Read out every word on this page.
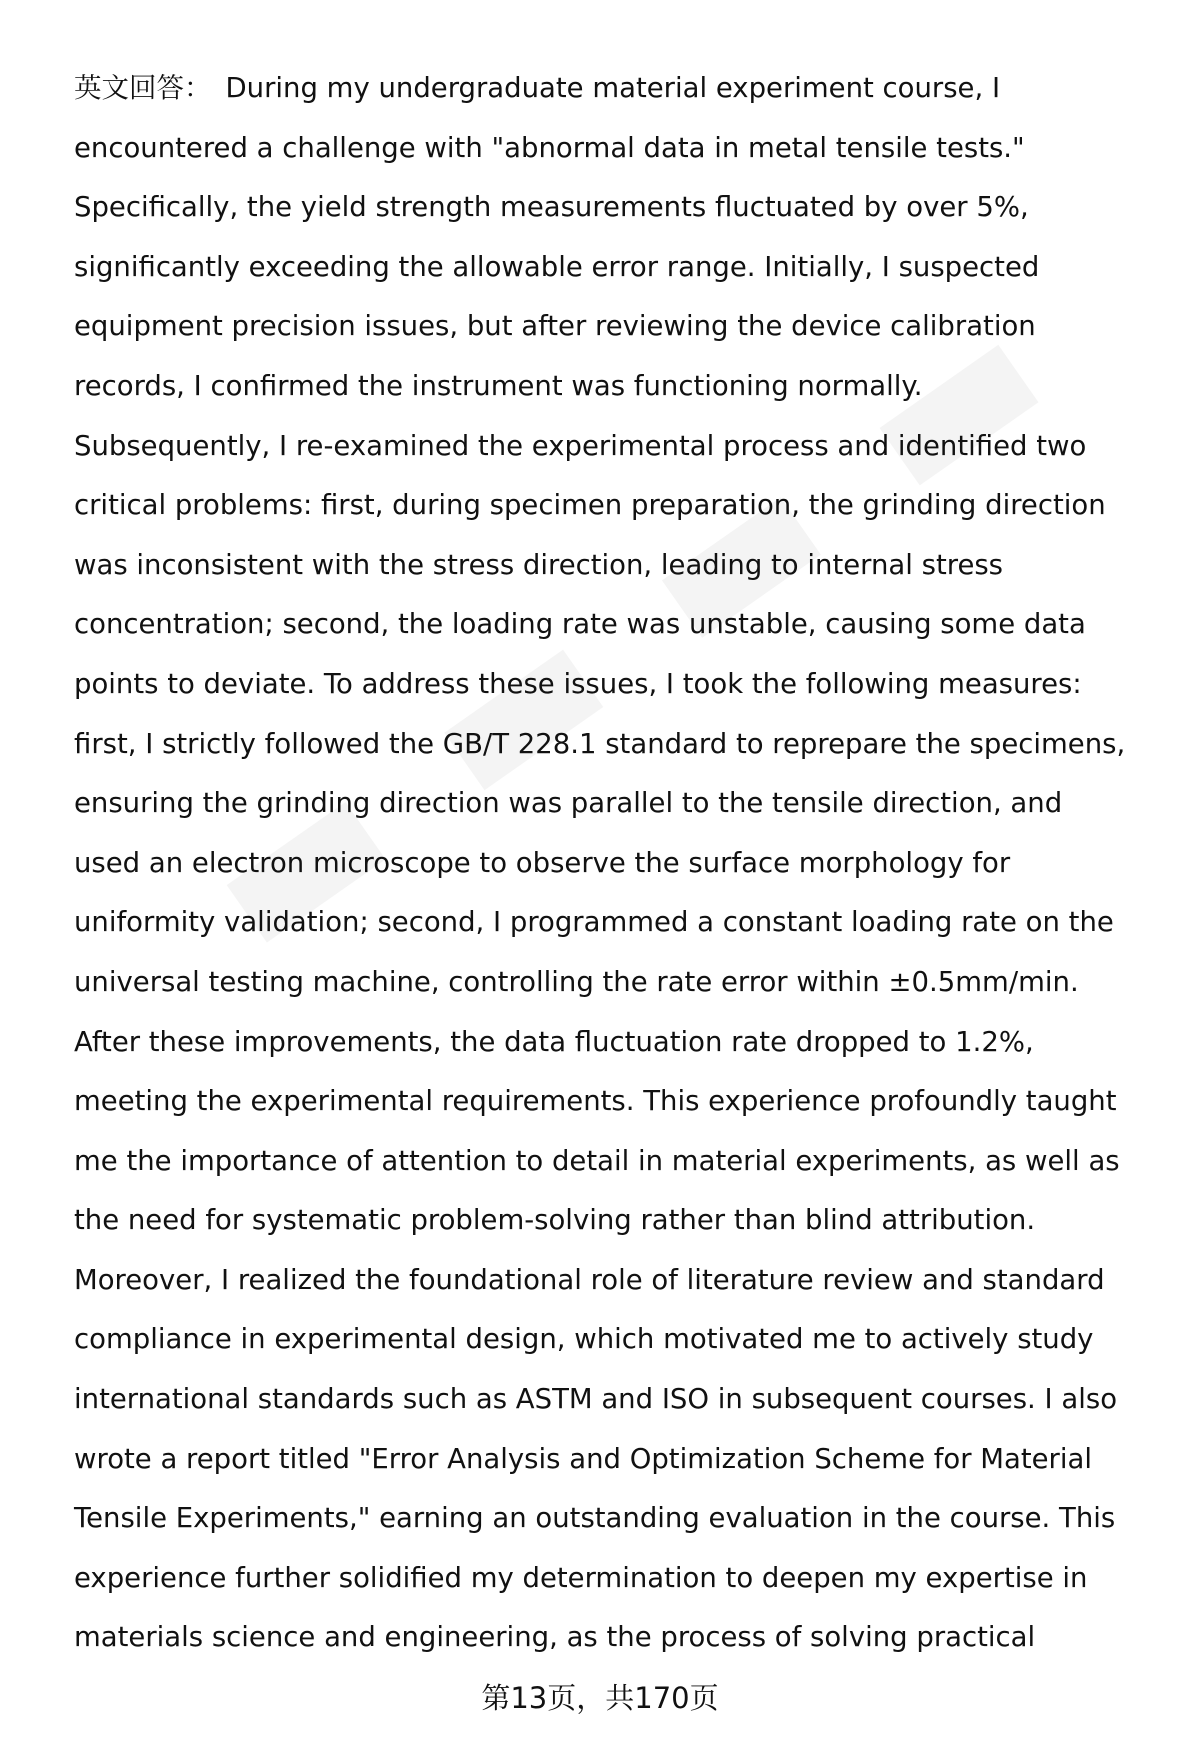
英文回答： During my undergraduate material experiment course, I
encountered a challenge with "abnormal data in metal tensile tests."
Specifically, the yield strength measurements fluctuated by over 5%,
significantly exceeding the allowable error range. Initially, I suspected
equipment precision issues, but after reviewing the device calibration
records, I confirmed the instrument was functioning normally.
Subsequently, I re-examined the experimental process and identified two
critical problems: first, during specimen preparation, the grinding direction
was inconsistent with the stress direction, leading to internal stress
concentration; second, the loading rate was unstable, causing some data
points to deviate. To address these issues, I took the following measures:
first, I strictly followed the GB/T 228.1 standard to reprepare the specimens,
ensuring the grinding direction was parallel to the tensile direction, and
used an electron microscope to observe the surface morphology for
uniformity validation; second, I programmed a constant loading rate on the
universal testing machine, controlling the rate error within ±0.5mm/min.
After these improvements, the data fluctuation rate dropped to 1.2%,
meeting the experimental requirements. This experience profoundly taught
me the importance of attention to detail in material experiments, as well as
the need for systematic problem-solving rather than blind attribution.
Moreover, I realized the foundational role of literature review and standard
compliance in experimental design, which motivated me to actively study
international standards such as ASTM and ISO in subsequent courses. I also
wrote a report titled "Error Analysis and Optimization Scheme for Material
Tensile Experiments," earning an outstanding evaluation in the course. This
experience further solidified my determination to deepen my expertise in
materials science and engineering, as the process of solving practical

第13页，共170页
